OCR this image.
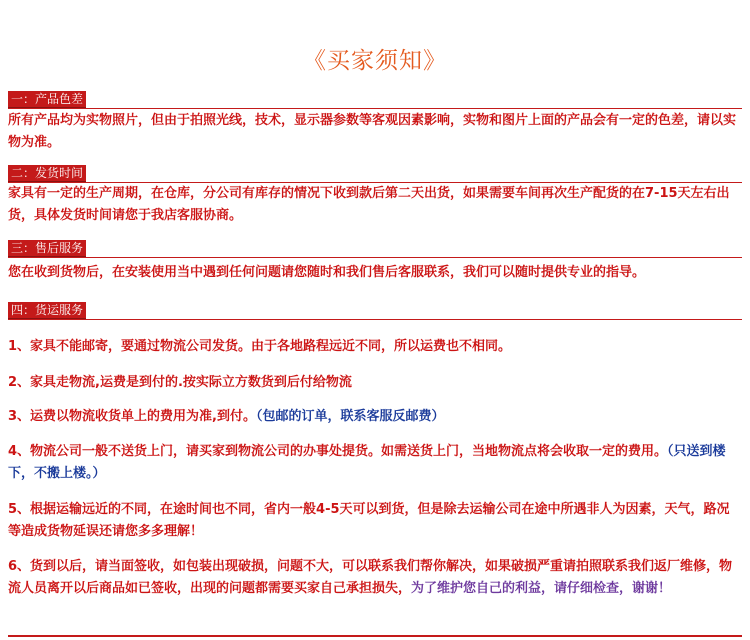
《买家须知》
一：产品色差
所有产品均为实物照片，但由于拍照光线，技术，显示器参数等客观因素影响，实物和图片上面的产品会有一定的色差，请以实物为准。
二：发货时间
家具有一定的生产周期，在仓库，分公司有库存的情况下收到款后第二天出货，如果需要车间再次生产配货的在7-15天左右出货，具体发货时间请您于我店客服协商。
三：售后服务
您在收到货物后，在安装使用当中遇到任何问题请您随时和我们售后客服联系，我们可以随时提供专业的指导。
四：货运服务
1、家具不能邮寄，要通过物流公司发货。由于各地路程远近不同，所以运费也不相同。
2、家具走物流,运费是到付的.按实际立方数货到后付给物流
3、运费以物流收货单上的费用为准,到付。（包邮的订单，联系客服反邮费）
4、物流公司一般不送货上门，请买家到物流公司的办事处提货。如需送货上门，当地物流点将会收取一定的费用。（只送到楼下，不搬上楼。）
5、根据运输远近的不同，在途时间也不同，省内一般4-5天可以到货，但是除去运输公司在途中所遇非人为因素，天气，路况等造成货物延误还请您多多理解！
6、货到以后，请当面签收，如包装出现破损，问题不大，可以联系我们帮你解决，如果破损严重请拍照联系我们返厂维修，物流人员离开以后商品如已签收，出现的问题都需要买家自己承担损失，为了维护您自己的利益，请仔细检查，谢谢！
